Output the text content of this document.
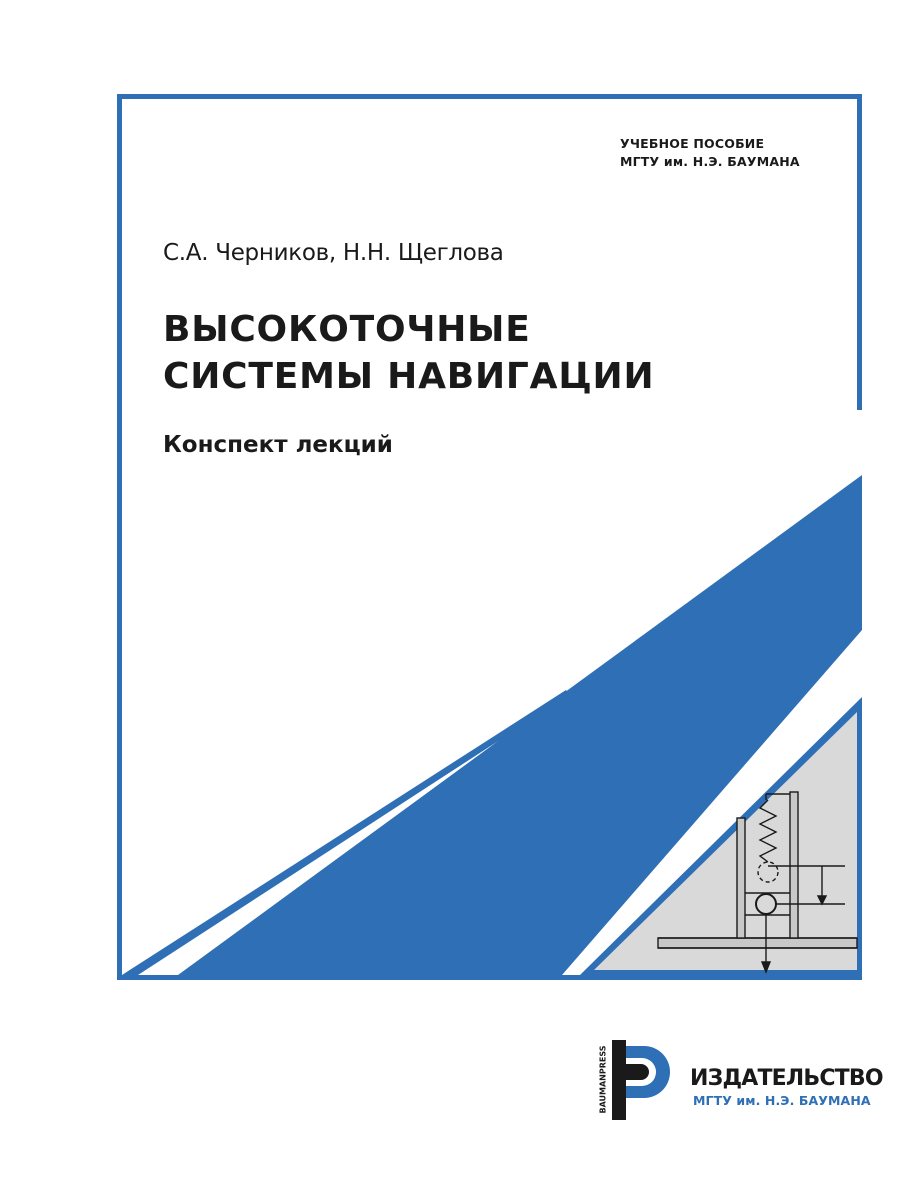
УЧЕБНОЕ ПОСОБИЕ
МГТУ им. Н.Э. БАУМАНА
С.А. Черников, Н.Н. Щеглова
ВЫСОКОТОЧНЫЕ
СИСТЕМЫ НАВИГАЦИИ
Конспект лекций
BAUMANPRESS	ИЗДАТЕЛЬСТВО
МГТУ им. Н.Э. БАУМАНА
